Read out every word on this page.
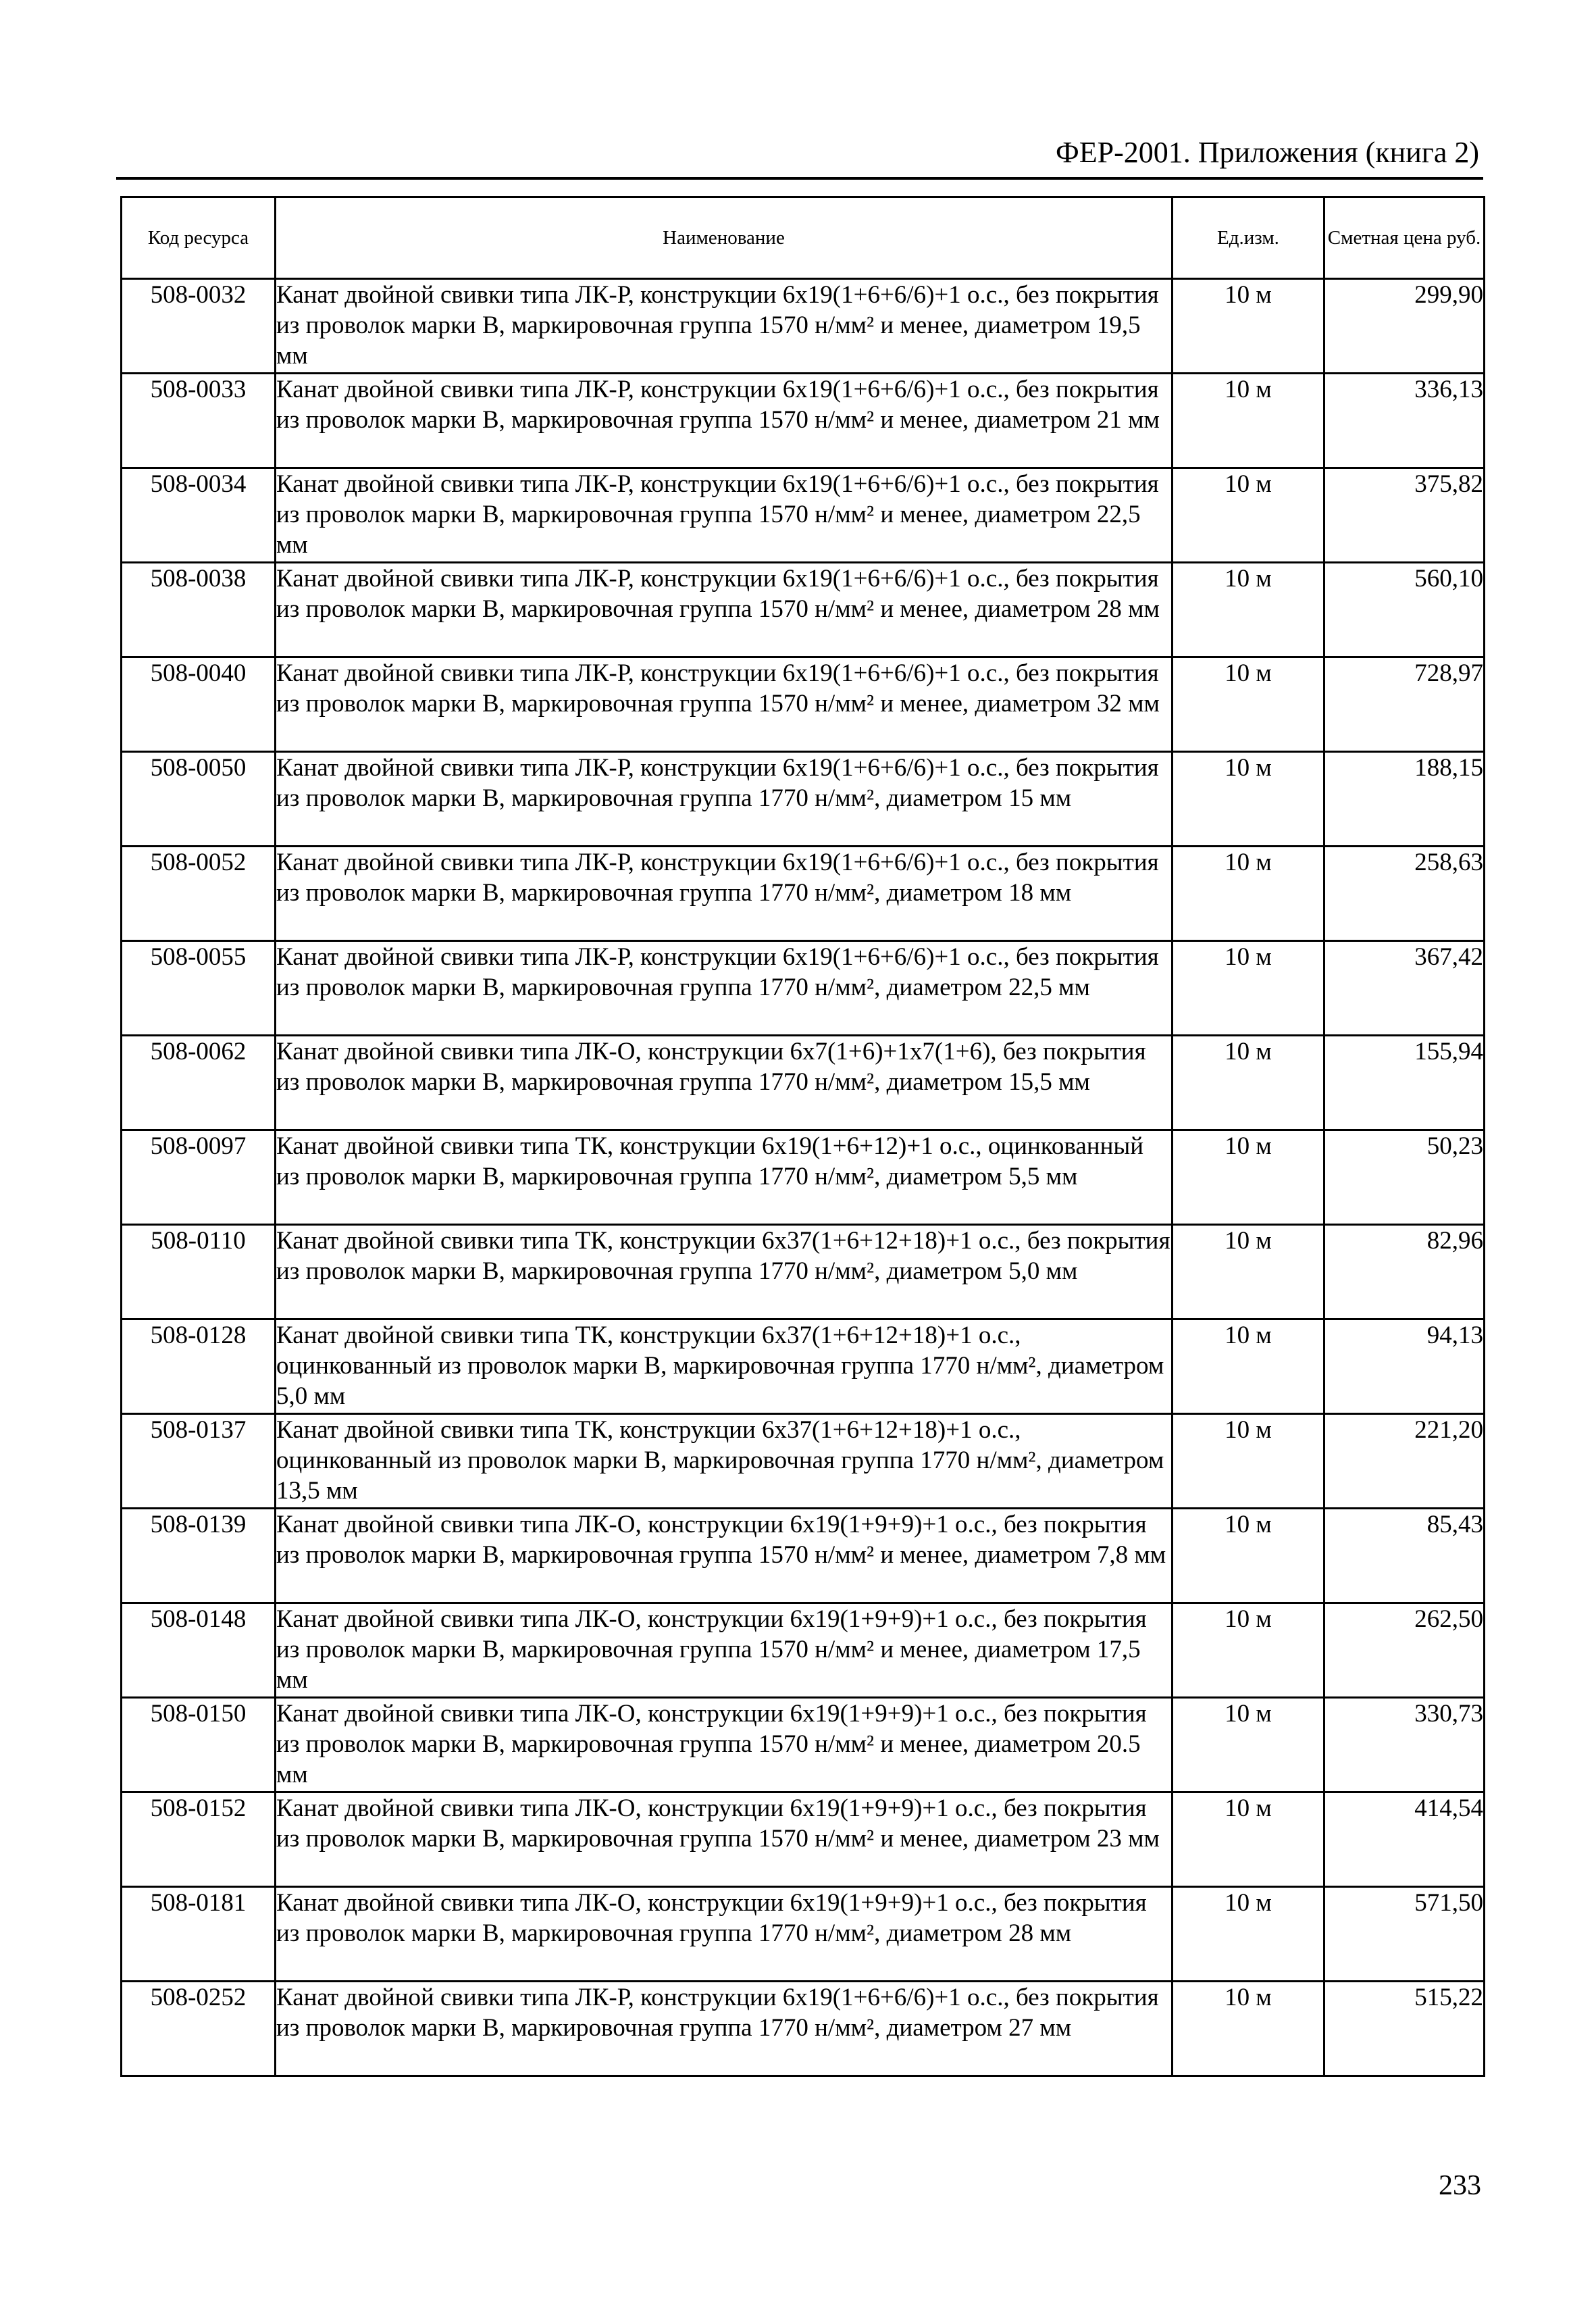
ФЕР-2001. Приложения (книга 2)
Код ресурса	Наименование	Ед.изм.	Сметная цена руб.
508-0032	Канат двойной свивки типа ЛК-Р, конструкции 6х19(1+6+6/6)+1 о.с., без покрытия из проволок марки В, маркировочная группа 1570 н/мм² и менее, диаметром 19,5 мм	10 м	299,90
508-0033	Канат двойной свивки типа ЛК-Р, конструкции 6х19(1+6+6/6)+1 о.с., без покрытия из проволок марки В, маркировочная группа 1570 н/мм² и менее, диаметром 21 мм	10 м	336,13
508-0034	Канат двойной свивки типа ЛК-Р, конструкции 6х19(1+6+6/6)+1 о.с., без покрытия из проволок марки В, маркировочная группа 1570 н/мм² и менее, диаметром 22,5 мм	10 м	375,82
508-0038	Канат двойной свивки типа ЛК-Р, конструкции 6х19(1+6+6/6)+1 о.с., без покрытия из проволок марки В, маркировочная группа 1570 н/мм² и менее, диаметром 28 мм	10 м	560,10
508-0040	Канат двойной свивки типа ЛК-Р, конструкции 6х19(1+6+6/6)+1 о.с., без покрытия из проволок марки В, маркировочная группа 1570 н/мм² и менее, диаметром 32 мм	10 м	728,97
508-0050	Канат двойной свивки типа ЛК-Р, конструкции 6х19(1+6+6/6)+1 о.с., без покрытия из проволок марки В, маркировочная группа 1770 н/мм², диаметром 15 мм	10 м	188,15
508-0052	Канат двойной свивки типа ЛК-Р, конструкции 6х19(1+6+6/6)+1 о.с., без покрытия из проволок марки В, маркировочная группа 1770 н/мм², диаметром 18 мм	10 м	258,63
508-0055	Канат двойной свивки типа ЛК-Р, конструкции 6х19(1+6+6/6)+1 о.с., без покрытия из проволок марки В, маркировочная группа 1770 н/мм², диаметром 22,5 мм	10 м	367,42
508-0062	Канат двойной свивки типа ЛК-О, конструкции 6х7(1+6)+1х7(1+6), без покрытия из проволок марки В, маркировочная группа 1770 н/мм², диаметром 15,5 мм	10 м	155,94
508-0097	Канат двойной свивки типа ТК, конструкции 6х19(1+6+12)+1 о.с., оцинкованный из проволок марки В, маркировочная группа 1770 н/мм², диаметром 5,5 мм	10 м	50,23
508-0110	Канат двойной свивки типа ТК, конструкции 6х37(1+6+12+18)+1 о.с., без покрытия из проволок марки В, маркировочная группа 1770 н/мм², диаметром 5,0 мм	10 м	82,96
508-0128	Канат двойной свивки типа ТК, конструкции 6х37(1+6+12+18)+1 о.с., оцинкованный из проволок марки В, маркировочная группа 1770 н/мм², диаметром 5,0 мм	10 м	94,13
508-0137	Канат двойной свивки типа ТК, конструкции 6х37(1+6+12+18)+1 о.с., оцинкованный из проволок марки В, маркировочная группа 1770 н/мм², диаметром 13,5 мм	10 м	221,20
508-0139	Канат двойной свивки типа ЛК-О, конструкции 6х19(1+9+9)+1 о.с., без покрытия из проволок марки В, маркировочная группа 1570 н/мм² и менее, диаметром 7,8 мм	10 м	85,43
508-0148	Канат двойной свивки типа ЛК-О, конструкции 6х19(1+9+9)+1 о.с., без покрытия из проволок марки В, маркировочная группа 1570 н/мм² и менее, диаметром 17,5 мм	10 м	262,50
508-0150	Канат двойной свивки типа ЛК-О, конструкции 6х19(1+9+9)+1 о.с., без покрытия из проволок марки В, маркировочная группа 1570 н/мм² и менее, диаметром 20.5 мм	10 м	330,73
508-0152	Канат двойной свивки типа ЛК-О, конструкции 6х19(1+9+9)+1 о.с., без покрытия из проволок марки В, маркировочная группа 1570 н/мм² и менее, диаметром 23 мм	10 м	414,54
508-0181	Канат двойной свивки типа ЛК-О, конструкции 6х19(1+9+9)+1 о.с., без покрытия из проволок марки В, маркировочная группа 1770 н/мм², диаметром 28 мм	10 м	571,50
508-0252	Канат двойной свивки типа ЛК-Р, конструкции 6х19(1+6+6/6)+1 о.с., без покрытия из проволок марки В, маркировочная группа 1770 н/мм², диаметром 27 мм	10 м	515,22
233
